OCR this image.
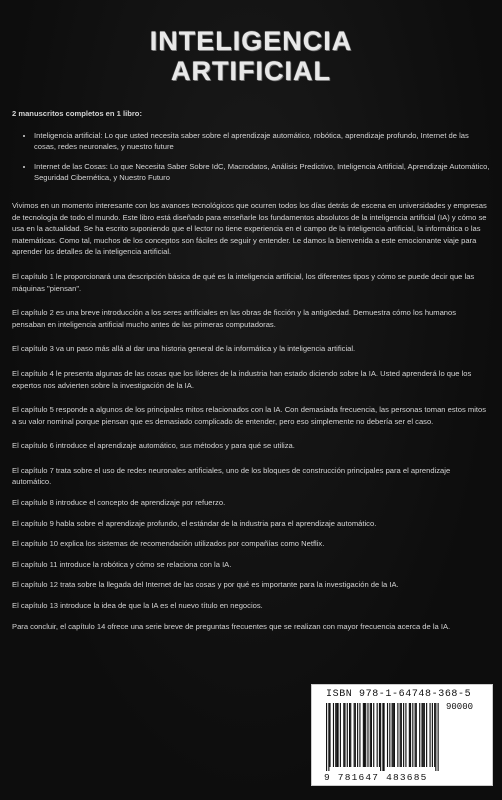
INTELIGENCIA
ARTIFICIAL

2 manuscritos completos en 1 libro:

• Inteligencia artificial: Lo que usted necesita saber sobre el aprendizaje automático, robótica, aprendizaje profundo, Internet de las cosas, redes neuronales, y nuestro future
• Internet de las Cosas: Lo que Necesita Saber Sobre IdC, Macrodatos, Análisis Predictivo, Inteligencia Artificial, Aprendizaje Automático, Seguridad Cibernética, y Nuestro Futuro

Vivimos en un momento interesante con los avances tecnológicos que ocurren todos los días detrás de escena en universidades y empresas de tecnología de todo el mundo. Este libro está diseñado para enseñarle los fundamentos absolutos de la inteligencia artificial (IA) y cómo se usa en la actualidad. Se ha escrito suponiendo que el lector no tiene experiencia en el campo de la inteligencia artificial, la informática o las matemáticas. Como tal, muchos de los conceptos son fáciles de seguir y entender. Le damos la bienvenida a este emocionante viaje para aprender los detalles de la inteligencia artificial.

El capítulo 1 le proporcionará una descripción básica de qué es la inteligencia artificial, los diferentes tipos y cómo se puede decir que las máquinas "piensan".

El capítulo 2 es una breve introducción a los seres artificiales en las obras de ficción y la antigüedad. Demuestra cómo los humanos pensaban en inteligencia artificial mucho antes de las primeras computadoras.

El capítulo 3 va un paso más allá al dar una historia general de la informática y la inteligencia artificial.

El capítulo 4 le presenta algunas de las cosas que los líderes de la industria han estado diciendo sobre la IA. Usted aprenderá lo que los expertos nos advierten sobre la investigación de la IA.

El capítulo 5 responde a algunos de los principales mitos relacionados con la IA. Con demasiada frecuencia, las personas toman estos mitos a su valor nominal porque piensan que es demasiado complicado de entender, pero eso simplemente no debería ser el caso.

El capítulo 6 introduce el aprendizaje automático, sus métodos y para qué se utiliza.

El capítulo 7 trata sobre el uso de redes neuronales artificiales, uno de los bloques de construcción principales para el aprendizaje automático.

El capítulo 8 introduce el concepto de aprendizaje por refuerzo.

El capítulo 9 habla sobre el aprendizaje profundo, el estándar de la industria para el aprendizaje automático.

El capítulo 10 explica los sistemas de recomendación utilizados por compañías como Netflix.

El capítulo 11 introduce la robótica y cómo se relaciona con la IA.

El capítulo 12 trata sobre la llegada del Internet de las cosas y por qué es importante para la investigación de la IA.

El capítulo 13 introduce la idea de que la IA es el nuevo título en negocios.

Para concluir, el capítulo 14 ofrece una serie breve de preguntas frecuentes que se realizan con mayor frecuencia acerca de la IA.

ISBN 978-1-64748-368-5
90000
9 781647 483685
